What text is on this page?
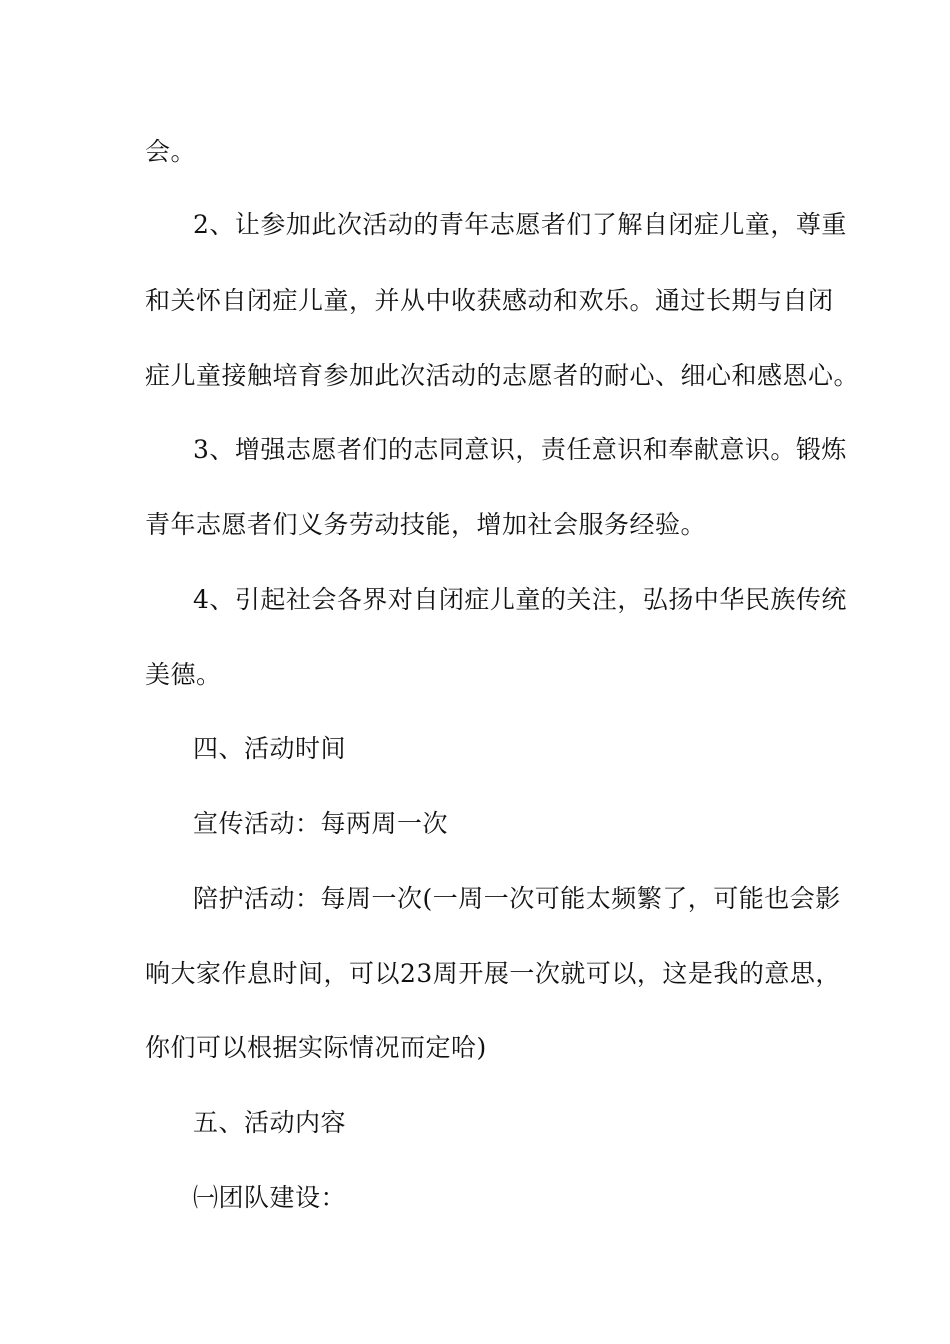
会。
2、让参加此次活动的青年志愿者们了解自闭症儿童，尊重
和关怀自闭症儿童，并从中收获感动和欢乐。通过长期与自闭
症儿童接触培育参加此次活动的志愿者的耐心、细心和感恩心。
3、增强志愿者们的志同意识，责任意识和奉献意识。锻炼
青年志愿者们义务劳动技能，增加社会服务经验。
4、引起社会各界对自闭症儿童的关注，弘扬中华民族传统
美德。
四、活动时间
宣传活动：每两周一次
陪护活动：每周一次(一周一次可能太频繁了，可能也会影
响大家作息时间，可以23周开展一次就可以，这是我的意思，
你们可以根据实际情况而定哈)
五、活动内容
㈠团队建设：
